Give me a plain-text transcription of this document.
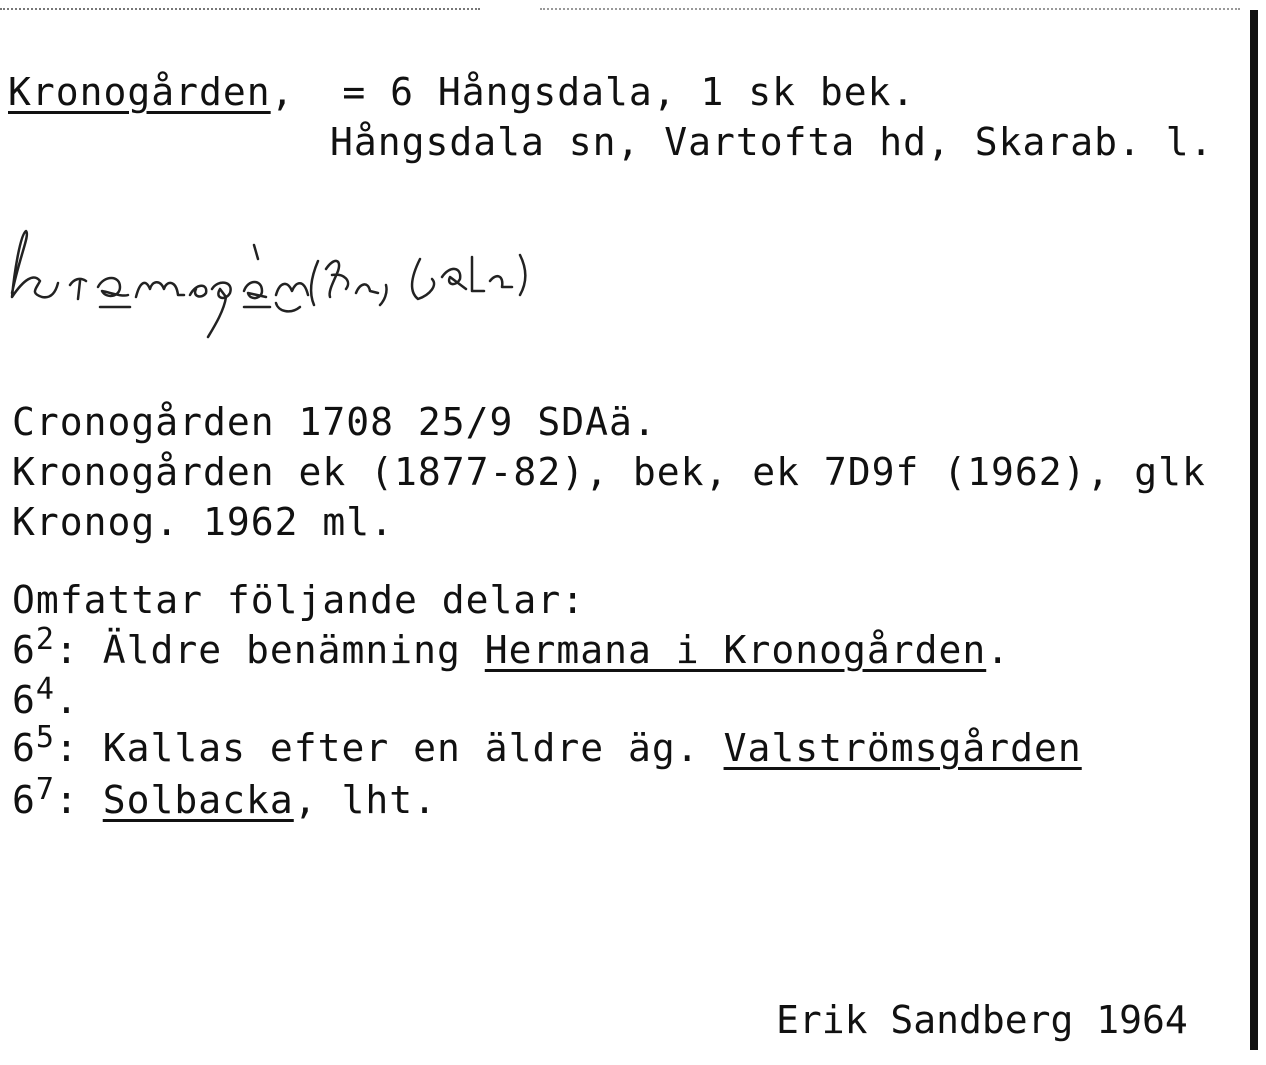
Kronogården, = 6 Hångsdala, 1 sk bek.
Hångsdala sn, Vartofta hd, Skarab. l.
Cronogården 1708 25/9 SDAä.
Kronogården ek (1877-82), bek, ek 7D9f (1962), glk
Kronog. 1962 ml.
Omfattar följande delar:
$6^2$: Äldre benämning Hermana i Kronogården.
$6^4$.
$6^5$: Kallas efter en äldre äg. Valströmsgården
$6^7$: Solbacka, lht.
Erik Sandberg 1964
